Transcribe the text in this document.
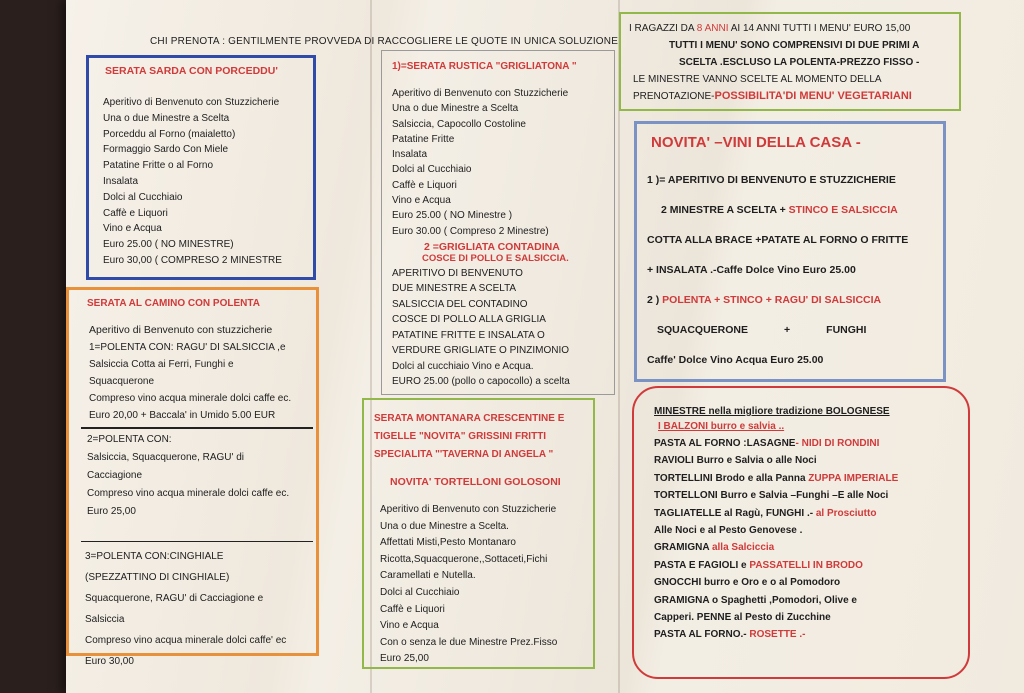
CHI PRENOTA : GENTILMENTE PROVVEDA DI RACCOGLIERE LE QUOTE IN UNICA SOLUZIONE
SERATA SARDA CON PORCEDDU'
Aperitivo di Benvenuto con Stuzzicherie
Una o due Minestre a Scelta
Porceddu al Forno (maialetto)
Formaggio Sardo Con Miele
Patatine Fritte o al Forno
Insalata
Dolci al Cucchiaio
Caffè e Liquori
Vino e Acqua
Euro 25.00 ( NO MINESTRE)
Euro 30,00 ( COMPRESO 2 MINESTRE
SERATA AL CAMINO CON POLENTA
Aperitivo di Benvenuto con stuzzicherie
1=POLENTA CON: RAGU' DI SALSICCIA ,e
Salsiccia Cotta ai Ferri, Funghi e
Squacquerone
Compreso vino acqua minerale dolci caffe ec.
Euro 20,00 + Baccala' in Umido 5.00 EUR
2=POLENTA CON:
Salsiccia, Squacquerone, RAGU' di
Cacciagione
Compreso vino acqua minerale dolci caffe ec.
Euro 25,00
3=POLENTA CON:CINGHIALE
(SPEZZATTINO DI CINGHIALE)
Squacquerone, RAGU' di Cacciagione e
Salsiccia
Compreso vino acqua minerale dolci caffe' ec
Euro 30,00
1)=SERATA RUSTICA "GRIGLIATONA "
Aperitivo di Benvenuto con Stuzzicherie
Una o due Minestre a Scelta
Salsiccia, Capocollo Costoline
Patatine Fritte
Insalata
Dolci al Cucchiaio
Caffè e Liquori
Vino e Acqua
Euro 25.00 ( NO Minestre )
Euro 30.00 ( Compreso 2 Minestre)
2 =GRIGLIATA CONTADINA
COSCE DI POLLO E SALSICCIA.
APERITIVO DI BENVENUTO
DUE MINESTRE A SCELTA
SALSICCIA DEL CONTADINO
COSCE DI POLLO ALLA GRIGLIA
PATATINE FRITTE E INSALATA O
VERDURE GRIGLIATE O PINZIMONIO
Dolci al cucchiaio Vino e Acqua.
EURO 25.00 (pollo o capocollo) a scelta
SERATA MONTANARA CRESCENTINE E
TIGELLE "NOVITA" GRISSINI FRITTI
SPECIALITA "'TAVERNA DI ANGELA "
NOVITA' TORTELLONI GOLOSONI
Aperitivo di Benvenuto con Stuzzicherie
Una o due Minestre a Scelta.
Affettati Misti,Pesto Montanaro
Ricotta,Squacquerone,,Sottaceti,Fichi
Caramellati e Nutella.
Dolci al Cucchiaio
Caffè e Liquori
Vino e Acqua
Con o senza le due Minestre Prez.Fisso
Euro 25,00
I RAGAZZI DA 8 ANNI AI 14 ANNI TUTTI I MENU' EURO 15,00
TUTTI I MENU' SONO COMPRENSIVI DI DUE PRIMI A
SCELTA .ESCLUSO LA POLENTA-PREZZO FISSO -
LE MINESTRE VANNO SCELTE AL MOMENTO DELLA
PRENOTAZIONE-POSSIBILITA'DI MENU' VEGETARIANI
NOVITA' –VINI DELLA CASA -
1 )= APERITIVO DI BENVENUTO E STUZZICHERIE
2 MINESTRE A SCELTA + STINCO E SALSICCIA
COTTA ALLA BRACE +PATATE AL FORNO O FRITTE
+ INSALATA .-Caffe Dolce Vino Euro 25.00
2 ) POLENTA + STINCO + RAGU' DI SALSICCIA
SQUACQUERONE	+	FUNGHI
Caffe' Dolce Vino Acqua Euro 25.00
MINESTRE nella migliore tradizione BOLOGNESE
I BALZONI burro e salvia ..
PASTA AL FORNO :LASAGNE- NIDI DI RONDINI
RAVIOLI Burro e Salvia o alle Noci
TORTELLINI Brodo e alla Panna ZUPPA IMPERIALE
TORTELLONI Burro e Salvia –Funghi –E alle Noci
TAGLIATELLE al Ragù, FUNGHI .- al Prosciutto
Alle Noci e al Pesto Genovese .
GRAMIGNA alla Salciccia
PASTA E FAGIOLI e PASSATELLI IN BRODO
GNOCCHI burro e Oro e o al Pomodoro
GRAMIGNA o Spaghetti ,Pomodori, Olive e
Capperi. PENNE al Pesto di Zucchine
PASTA AL FORNO.- ROSETTE .-
